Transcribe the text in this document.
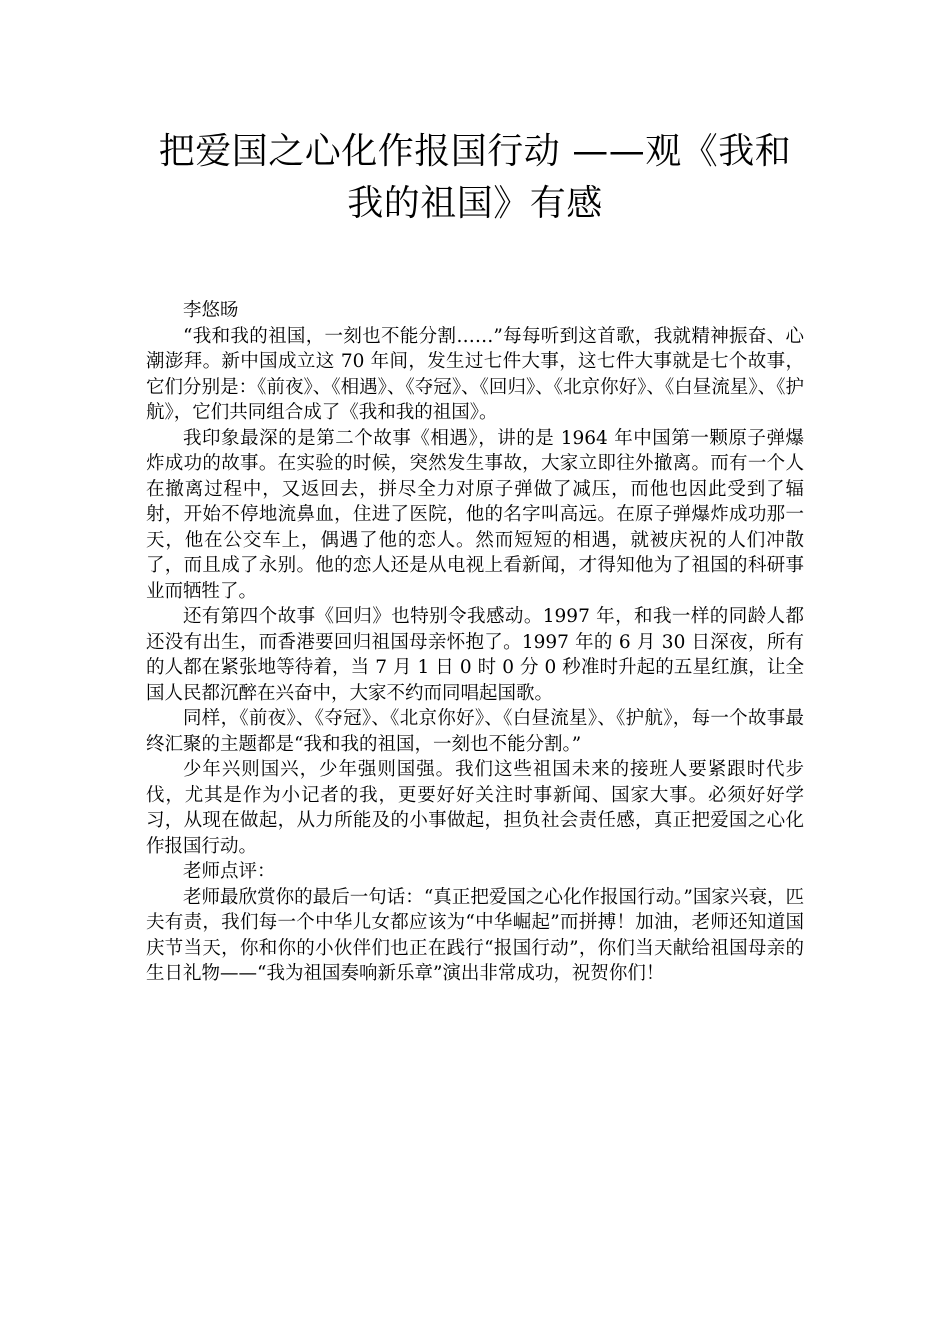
把爱国之心化作报国行动 ——观《我和我的祖国》有感

李悠旸

“我和我的祖国，一刻也不能分割……”每每听到这首歌，我就精神振奋、心潮澎拜。新中国成立这 70 年间，发生过七件大事，这七件大事就是七个故事，它们分别是：《前夜》、《相遇》、《夺冠》、《回归》、《北京你好》、《白昼流星》、《护航》，它们共同组合成了《我和我的祖国》。

我印象最深的是第二个故事《相遇》，讲的是 1964 年中国第一颗原子弹爆炸成功的故事。在实验的时候，突然发生事故，大家立即往外撤离。而有一个人在撤离过程中，又返回去，拼尽全力对原子弹做了减压，而他也因此受到了辐射，开始不停地流鼻血，住进了医院，他的名字叫高远。在原子弹爆炸成功那一天，他在公交车上，偶遇了他的恋人。然而短短的相遇，就被庆祝的人们冲散了，而且成了永别。他的恋人还是从电视上看新闻，才得知他为了祖国的科研事业而牺牲了。

还有第四个故事《回归》也特别令我感动。1997 年，和我一样的同龄人都还没有出生，而香港要回归祖国母亲怀抱了。1997 年的 6 月 30 日深夜，所有的人都在紧张地等待着，当 7 月 1 日 0 时 0 分 0 秒准时升起的五星红旗，让全国人民都沉醉在兴奋中，大家不约而同唱起国歌。

同样，《前夜》、《夺冠》、《北京你好》、《白昼流星》、《护航》，每一个故事最终汇聚的主题都是“我和我的祖国，一刻也不能分割。”

少年兴则国兴，少年强则国强。我们这些祖国未来的接班人要紧跟时代步伐，尤其是作为小记者的我，更要好好关注时事新闻、国家大事。必须好好学习，从现在做起，从力所能及的小事做起，担负社会责任感，真正把爱国之心化作报国行动。

老师点评：

老师最欣赏你的最后一句话：“真正把爱国之心化作报国行动。”国家兴衰，匹夫有责，我们每一个中华儿女都应该为“中华崛起”而拼搏！加油，老师还知道国庆节当天，你和你的小伙伴们也正在践行“报国行动”，你们当天献给祖国母亲的生日礼物——“我为祖国奏响新乐章”演出非常成功，祝贺你们！
